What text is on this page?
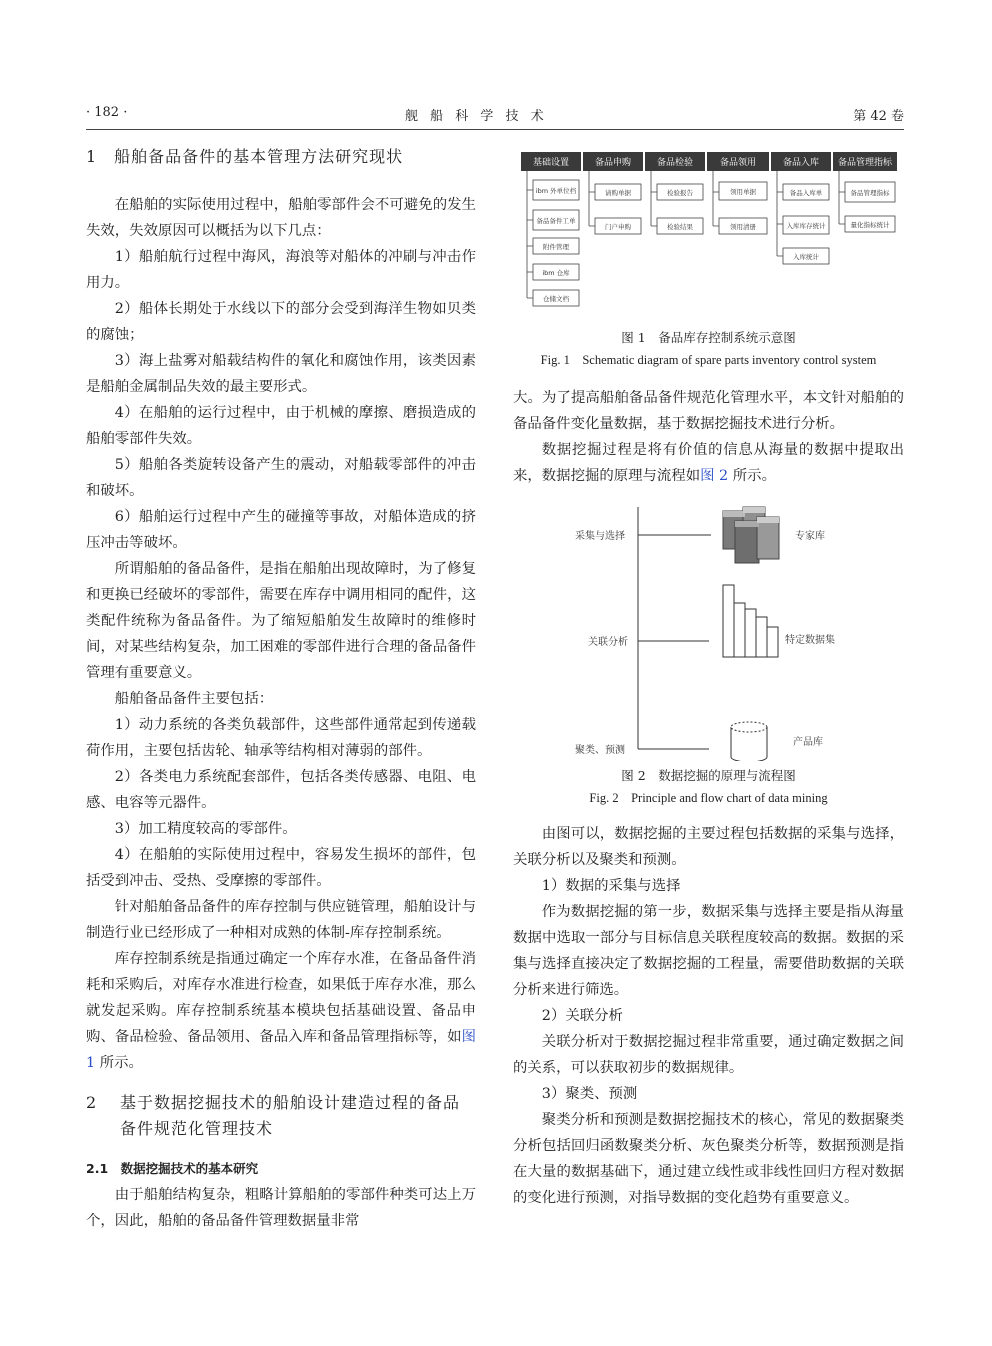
· 182 ·	舰 船 科 学 技 术	第 42 卷

1　船舶备品备件的基本管理方法研究现状

在船舶的实际使用过程中，船舶零部件会不可避免的发生失效，失效原因可以概括为以下几点：

1）船舶航行过程中海风，海浪等对船体的冲刷与冲击作用力。

2）船体长期处于水线以下的部分会受到海洋生物如贝类的腐蚀；

3）海上盐雾对船载结构件的氧化和腐蚀作用，该类因素是船舶金属制品失效的最主要形式。

4）在船舶的运行过程中，由于机械的摩擦、磨损造成的船舶零部件失效。

5）船舶各类旋转设备产生的震动，对船载零部件的冲击和破坏。

6）船舶运行过程中产生的碰撞等事故，对船体造成的挤压冲击等破坏。

所谓船舶的备品备件，是指在船舶出现故障时，为了修复和更换已经破坏的零部件，需要在库存中调用相同的配件，这类配件统称为备品备件。为了缩短船舶发生故障时的维修时间，对某些结构复杂，加工困难的零部件进行合理的备品备件管理有重要意义。

船舶备品备件主要包括：

1）动力系统的各类负载部件，这些部件通常起到传递载荷作用，主要包括齿轮、轴承等结构相对薄弱的部件。

2）各类电力系统配套部件，包括各类传感器、电阻、电感、电容等元器件。

3）加工精度较高的零部件。

4）在船舶的实际使用过程中，容易发生损坏的部件，包括受到冲击、受热、受摩擦的零部件。

针对船舶备品备件的库存控制与供应链管理，船舶设计与制造行业已经形成了一种相对成熟的体制-库存控制系统。

库存控制系统是指通过确定一个库存水准，在备品备件消耗和采购后，对库存水准进行检查，如果低于库存水准，那么就发起采购。库存控制系统基本模块包括基础设置、备品申购、备品检验、备品领用、备品入库和备品管理指标等，如图 1 所示。

2	基于数据挖掘技术的船舶设计建造过程的备品备件规范化管理技术

2.1　数据挖掘技术的基本研究

由于船舶结构复杂，粗略计算船舶的零部件种类可达上万个，因此，船舶的备品备件管理数据量非常

基础设置	备品申购	备品检验	备品领用	备品入库 备品管理指标
ibm 外单位档
备品备件工单
附件管理
ibm 仓库
仓储文档
请购单据
门户申购
检验报告
检验结果
领用单据
领用清册
备品入库单
入库库存统计
入库统计
备品管理指标
量化指标统计

图 1　备品库存控制系统示意图

Fig. 1　Schematic diagram of spare parts inventory control system

大。为了提高船舶备品备件规范化管理水平，本文针对船舶的备品备件变化量数据，基于数据挖掘技术进行分析。

数据挖掘过程是将有价值的信息从海量的数据中提取出来，数据挖掘的原理与流程如图 2 所示。

采集与选择
关联分析
聚类、预测
专家库
特定数据集
产品库

图 2　数据挖掘的原理与流程图

Fig. 2　Principle and flow chart of data mining

由图可以，数据挖掘的主要过程包括数据的采集与选择，关联分析以及聚类和预测。

1）数据的采集与选择

作为数据挖掘的第一步，数据采集与选择主要是指从海量数据中选取一部分与目标信息关联程度较高的数据。数据的采集与选择直接决定了数据挖掘的工程量，需要借助数据的关联分析来进行筛选。

2）关联分析

关联分析对于数据挖掘过程非常重要，通过确定数据之间的关系，可以获取初步的数据规律。

3）聚类、预测

聚类分析和预测是数据挖掘技术的核心，常见的数据聚类分析包括回归函数聚类分析、灰色聚类分析等，数据预测是指在大量的数据基础下，通过建立线性或非线性回归方程对数据的变化进行预测，对指导数据的变化趋势有重要意义。
